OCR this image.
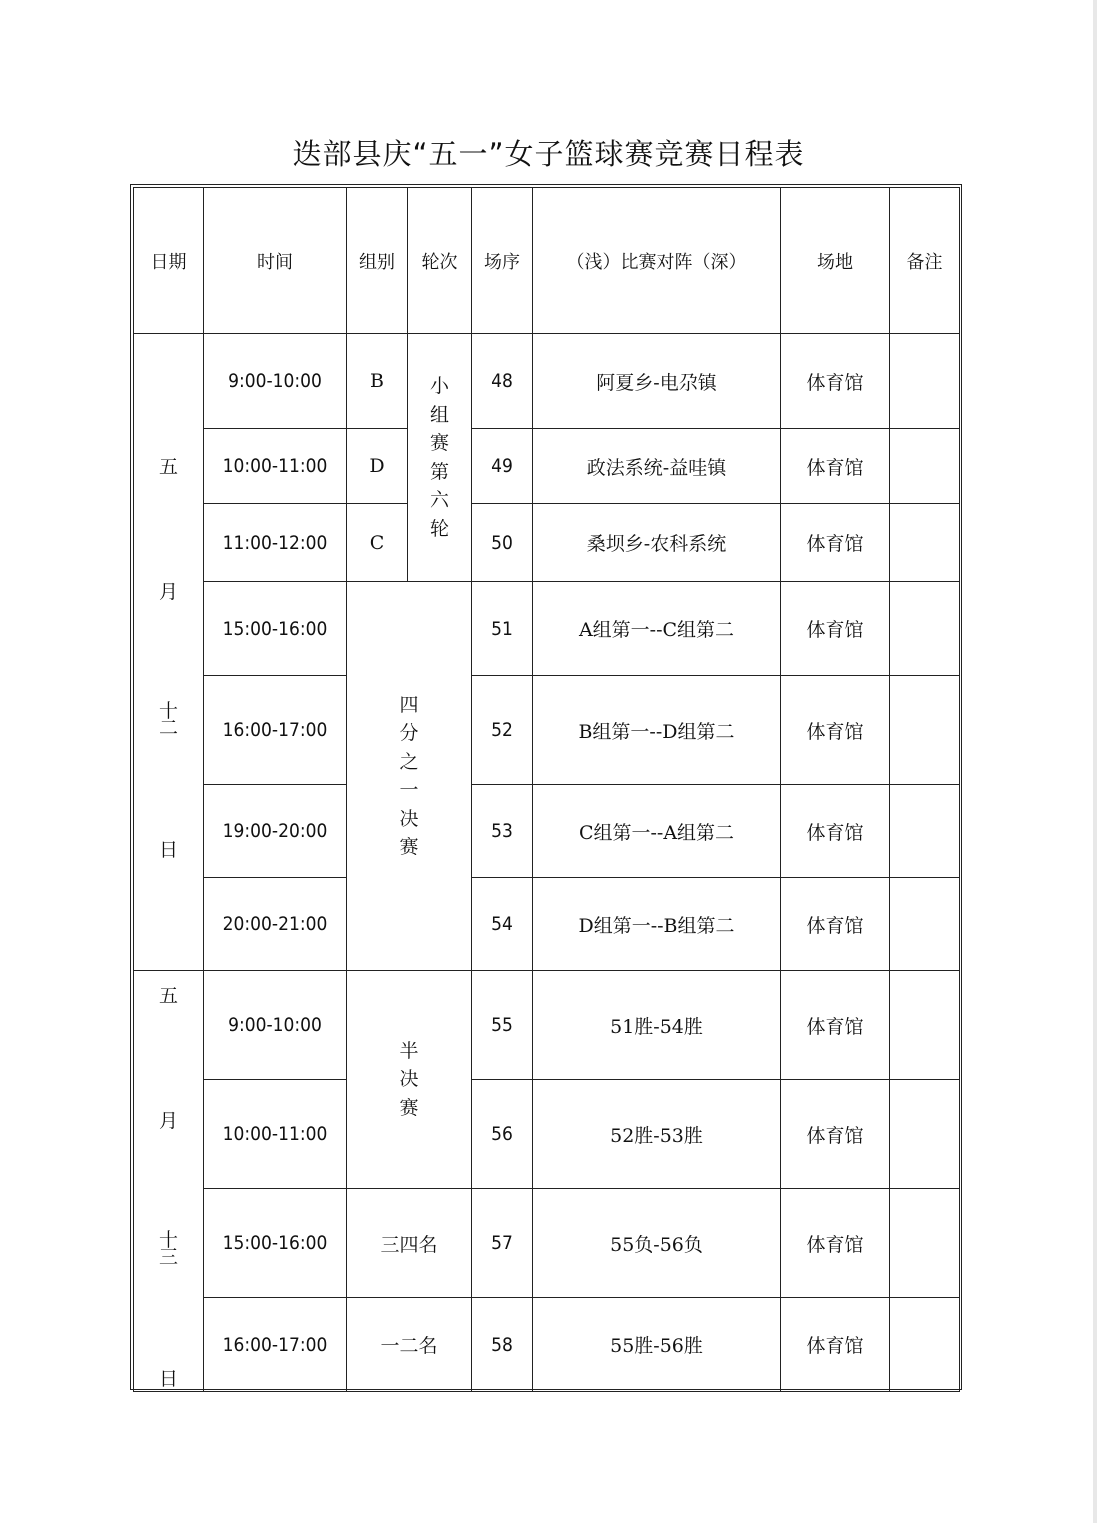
迭部县庆“五一”女子篮球赛竞赛日程表
日期	时间	组别	轮次	场序	（浅）比赛对阵（深）	场地	备注

五
月
十
二
日	9:00-10:00	B	小组赛第六轮	48	阿夏乡-电尕镇	体育馆	
	10:00-11:00	D		49	政法系统-益哇镇	体育馆	
	11:00-12:00	C		50	桑坝乡-农科系统	体育馆	
	15:00-16:00	四分之一决赛		51	A组第一--C组第二	体育馆	
	16:00-17:00			52	B组第一--D组第二	体育馆	
	19:00-20:00			53	C组第一--A组第二	体育馆	
	20:00-21:00			54	D组第一--B组第二	体育馆	

五
月
十
三
日	9:00-10:00	半决赛		55	51胜-54胜	体育馆	
	10:00-11:00			56	52胜-53胜	体育馆	
	15:00-16:00	三四名		57	55负-56负	体育馆	
	16:00-17:00	一二名		58	55胜-56胜	体育馆	
